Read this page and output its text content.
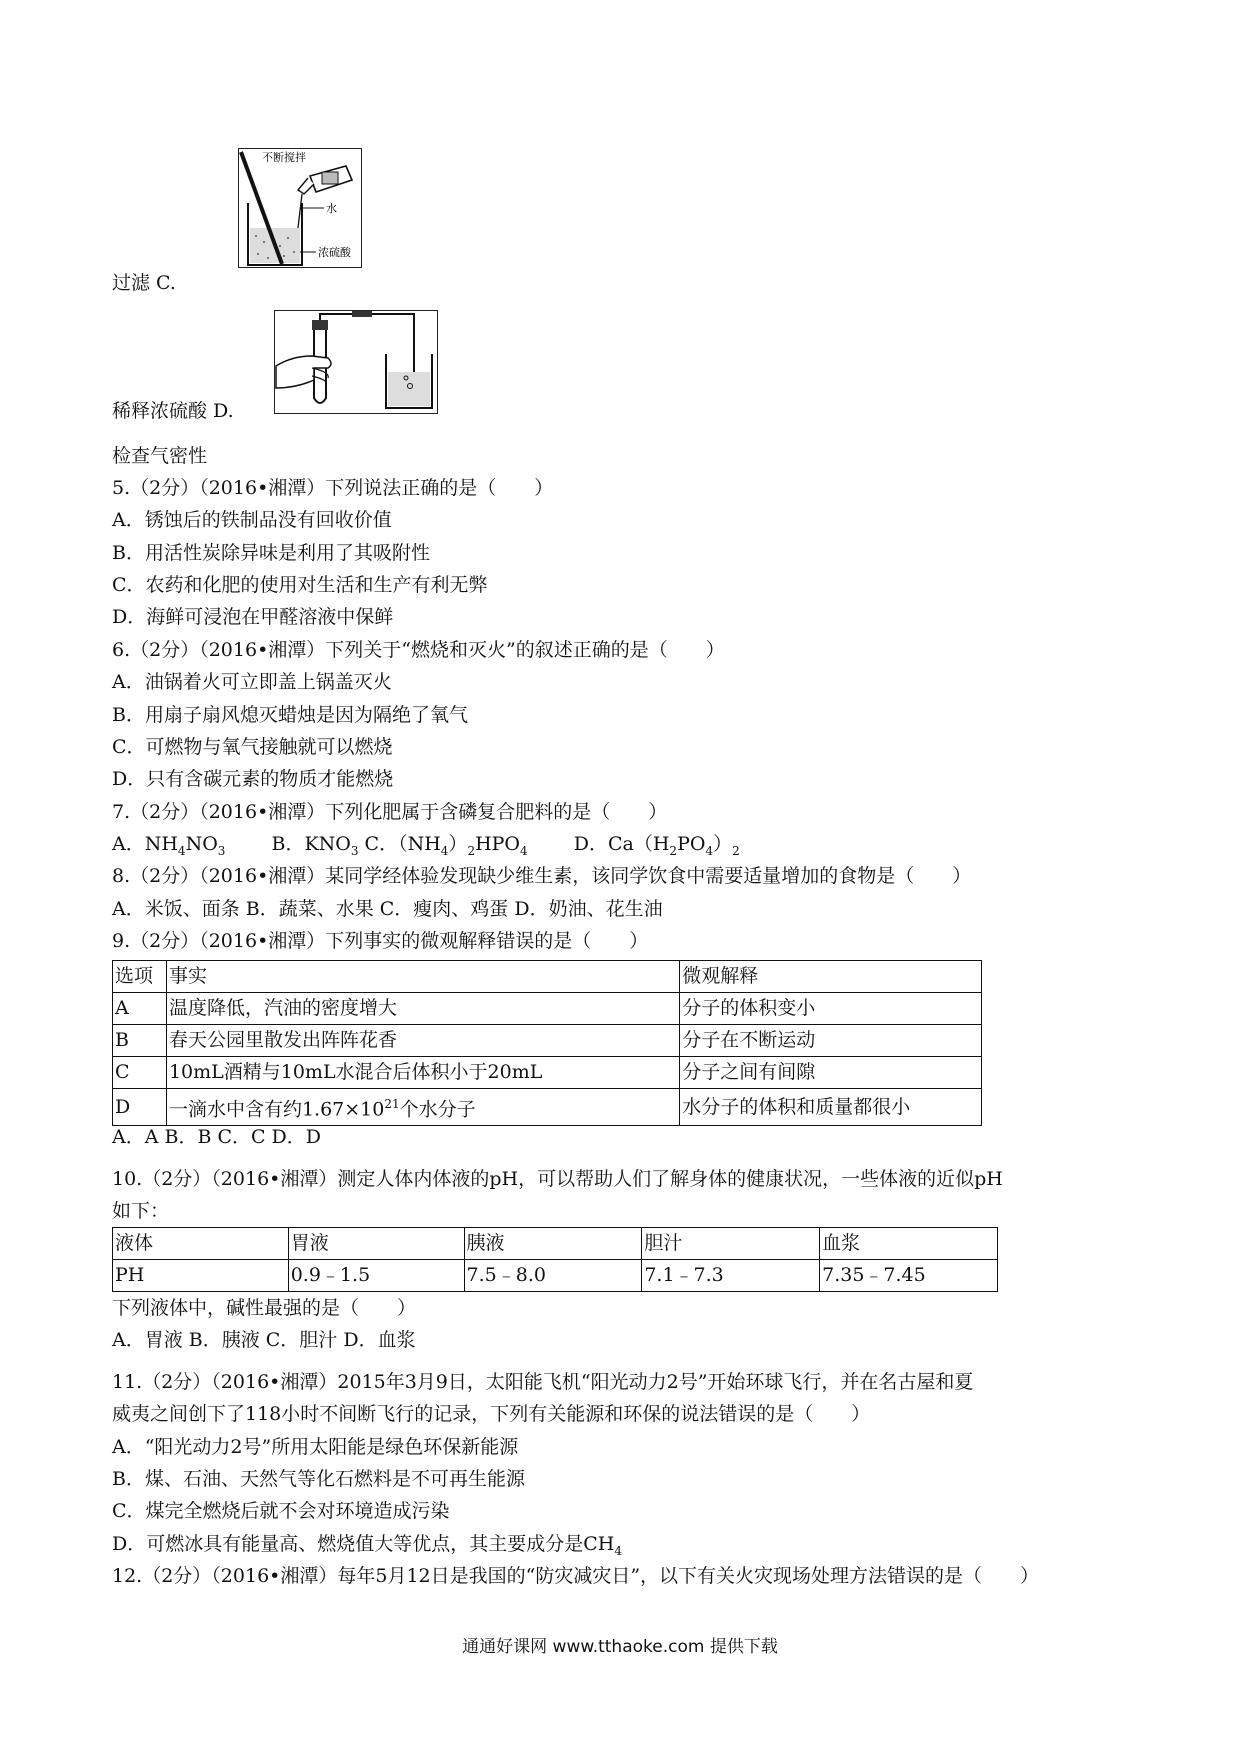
不断搅拌
水
浓硫酸
过滤 C.
稀释浓硫酸 D.
检查气密性
5.（2分）（2016•湘潭）下列说法正确的是（　　）
A．锈蚀后的铁制品没有回收价值
B．用活性炭除异味是利用了其吸附性
C．农药和化肥的使用对生活和生产有利无弊
D．海鲜可浸泡在甲醛溶液中保鲜
6.（2分）（2016•湘潭）下列关于“燃烧和灭火”的叙述正确的是（　　）
A．油锅着火可立即盖上锅盖灭火
B．用扇子扇风熄灭蜡烛是因为隔绝了氧气
C．可燃物与氧气接触就可以燃烧
D．只有含碳元素的物质才能燃烧
7.（2分）（2016•湘潭）下列化肥属于含磷复合肥料的是（　　）
A．$NH_4NO_3$ B．$KNO_3$ C．$(NH_4)_2HPO_4$ D．$Ca(H_2PO_4)_2$
8.（2分）（2016•湘潭）某同学经体验发现缺少维生素，该同学饮食中需要适量增加的食物是（　　）
A．米饭、面条 B．蔬菜、水果 C．瘦肉、鸡蛋 D．奶油、花生油
9.（2分）（2016•湘潭）下列事实的微观解释错误的是（　　）
选项	事实	微观解释
A	温度降低，汽油的密度增大	分子的体积变小
B	春天公园里散发出阵阵花香	分子在不断运动
C	10mL酒精与10mL水混合后体积小于20mL	分子之间有间隙
D	一滴水中含有约$1.67\times 10^{21}$个水分子	水分子的体积和质量都很小
A．A B．B C．C D．D
10.（2分）（2016•湘潭）测定人体内体液的pH，可以帮助人们了解身体的健康状况，一些体液的近似pH
如下：
液体	胃液	胰液	胆汁	血浆
PH	0.9﹣1.5	7.5﹣8.0	7.1﹣7.3	7.35﹣7.45
下列液体中，碱性最强的是（　　）
A．胃液 B．胰液 C．胆汁 D．血浆
11.（2分）（2016•湘潭）2015年3月9日，太阳能飞机“阳光动力2号”开始环球飞行，并在名古屋和夏
威夷之间创下了118小时不间断飞行的记录，下列有关能源和环保的说法错误的是（　　）
A．“阳光动力2号”所用太阳能是绿色环保新能源
B．煤、石油、天然气等化石燃料是不可再生能源
C．煤完全燃烧后就不会对环境造成污染
D．可燃冰具有能量高、燃烧值大等优点，其主要成分是$CH_4$
12.（2分）（2016•湘潭）每年5月12日是我国的“防灾减灾日”，以下有关火灾现场处理方法错误的是（　　）
通通好课网 www.tthaoke.com 提供下载
